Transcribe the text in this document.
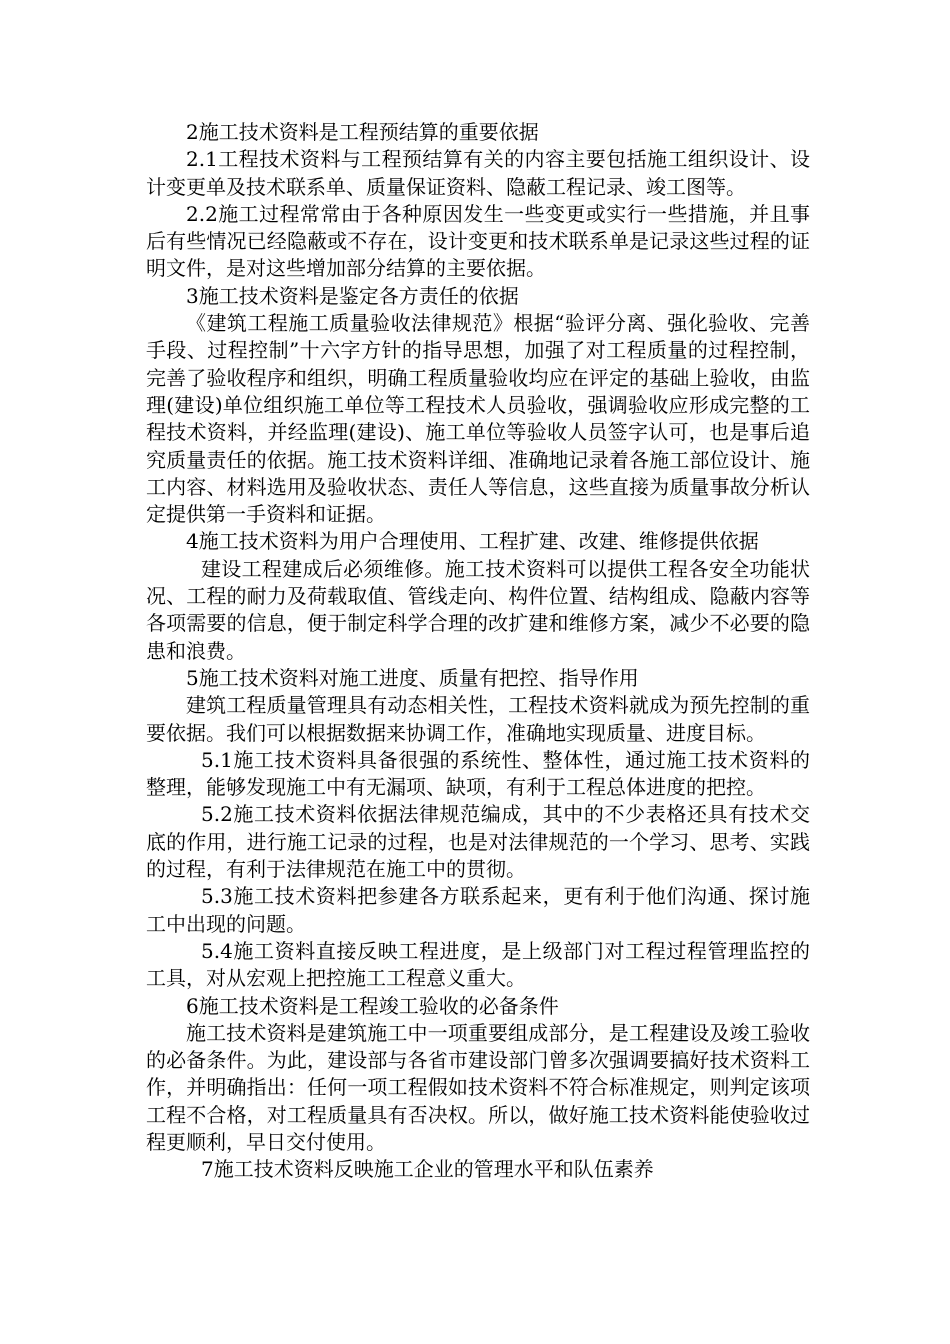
2施工技术资料是工程预结算的重要依据

2.1工程技术资料与工程预结算有关的内容主要包括施工组织设计、设计变更单及技术联系单、质量保证资料、隐蔽工程记录、竣工图等。

2.2施工过程常常由于各种原因发生一些变更或实行一些措施，并且事后有些情况已经隐蔽或不存在，设计变更和技术联系单是记录这些过程的证明文件，是对这些增加部分结算的主要依据。

3施工技术资料是鉴定各方责任的依据

《建筑工程施工质量验收法律规范》根据“验评分离、强化验收、完善手段、过程控制”十六字方针的指导思想，加强了对工程质量的过程控制，完善了验收程序和组织，明确工程质量验收均应在评定的基础上验收，由监理(建设)单位组织施工单位等工程技术人员验收，强调验收应形成完整的工程技术资料，并经监理(建设)、施工单位等验收人员签字认可，也是事后追究质量责任的依据。施工技术资料详细、准确地记录着各施工部位设计、施工内容、材料选用及验收状态、责任人等信息，这些直接为质量事故分析认定提供第一手资料和证据。

4施工技术资料为用户合理使用、工程扩建、改建、维修提供依据

建设工程建成后必须维修。施工技术资料可以提供工程各安全功能状况、工程的耐力及荷载取值、管线走向、构件位置、结构组成、隐蔽内容等各项需要的信息，便于制定科学合理的改扩建和维修方案，减少不必要的隐患和浪费。

5施工技术资料对施工进度、质量有把控、指导作用

建筑工程质量管理具有动态相关性，工程技术资料就成为预先控制的重要依据。我们可以根据数据来协调工作，准确地实现质量、进度目标。

5.1施工技术资料具备很强的系统性、整体性，通过施工技术资料的整理，能够发现施工中有无漏项、缺项，有利于工程总体进度的把控。

5.2施工技术资料依据法律规范编成，其中的不少表格还具有技术交底的作用，进行施工记录的过程，也是对法律规范的一个学习、思考、实践的过程，有利于法律规范在施工中的贯彻。

5.3施工技术资料把参建各方联系起来，更有利于他们沟通、探讨施工中出现的问题。

5.4施工资料直接反映工程进度，是上级部门对工程过程管理监控的工具，对从宏观上把控施工工程意义重大。

6施工技术资料是工程竣工验收的必备条件

施工技术资料是建筑施工中一项重要组成部分，是工程建设及竣工验收的必备条件。为此，建设部与各省市建设部门曾多次强调要搞好技术资料工作，并明确指出：任何一项工程假如技术资料不符合标准规定，则判定该项工程不合格，对工程质量具有否决权。所以，做好施工技术资料能使验收过程更顺利，早日交付使用。

7施工技术资料反映施工企业的管理水平和队伍素养
